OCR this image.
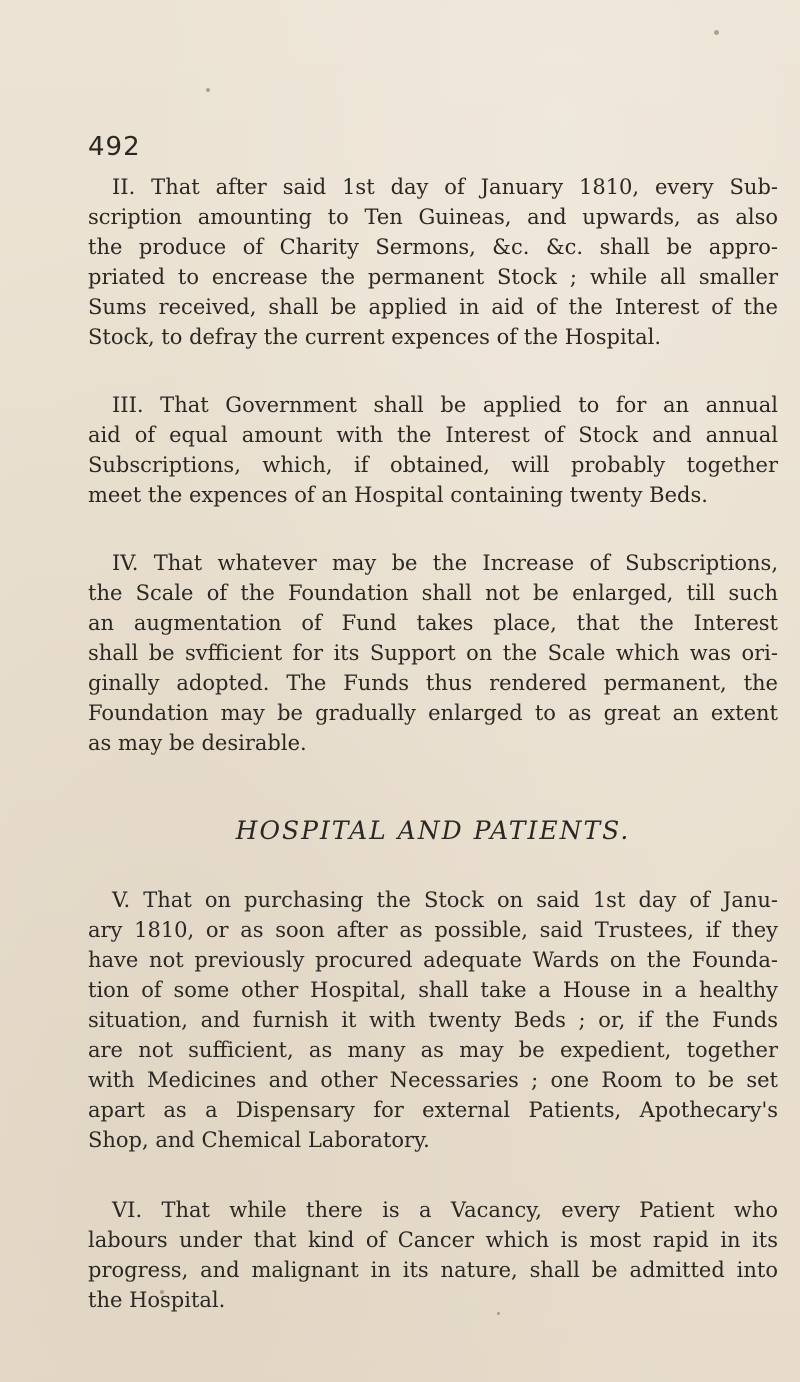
492
II. That after said 1st day of January 1810, every Sub-
scription amounting to Ten Guineas, and upwards, as also
the produce of Charity Sermons, &c. &c. shall be appro-
priated to encrease the permanent Stock ; while all smaller
Sums received, shall be applied in aid of the Interest of the
Stock, to defray the current expences of the Hospital.
III. That Government shall be applied to for an annual
aid of equal amount with the Interest of Stock and annual
Subscriptions, which, if obtained, will probably together
meet the expences of an Hospital containing twenty Beds.
IV. That whatever may be the Increase of Subscriptions,
the Scale of the Foundation shall not be enlarged, till such
an augmentation of Fund takes place, that the Interest
shall be svfficient for its Support on the Scale which was ori-
ginally adopted. The Funds thus rendered permanent, the
Foundation may be gradually enlarged to as great an extent
as may be desirable.
HOSPITAL AND PATIENTS.
V. That on purchasing the Stock on said 1st day of Janu-
ary 1810, or as soon after as possible, said Trustees, if they
have not previously procured adequate Wards on the Founda-
tion of some other Hospital, shall take a House in a healthy
situation, and furnish it with twenty Beds ; or, if the Funds
are not sufficient, as many as may be expedient, together
with Medicines and other Necessaries ; one Room to be set
apart as a Dispensary for external Patients, Apothecary's
Shop, and Chemical Laboratory.
VI. That while there is a Vacancy, every Patient who
labours under that kind of Cancer which is most rapid in its
progress, and malignant in its nature, shall be admitted into
the Hospital.
